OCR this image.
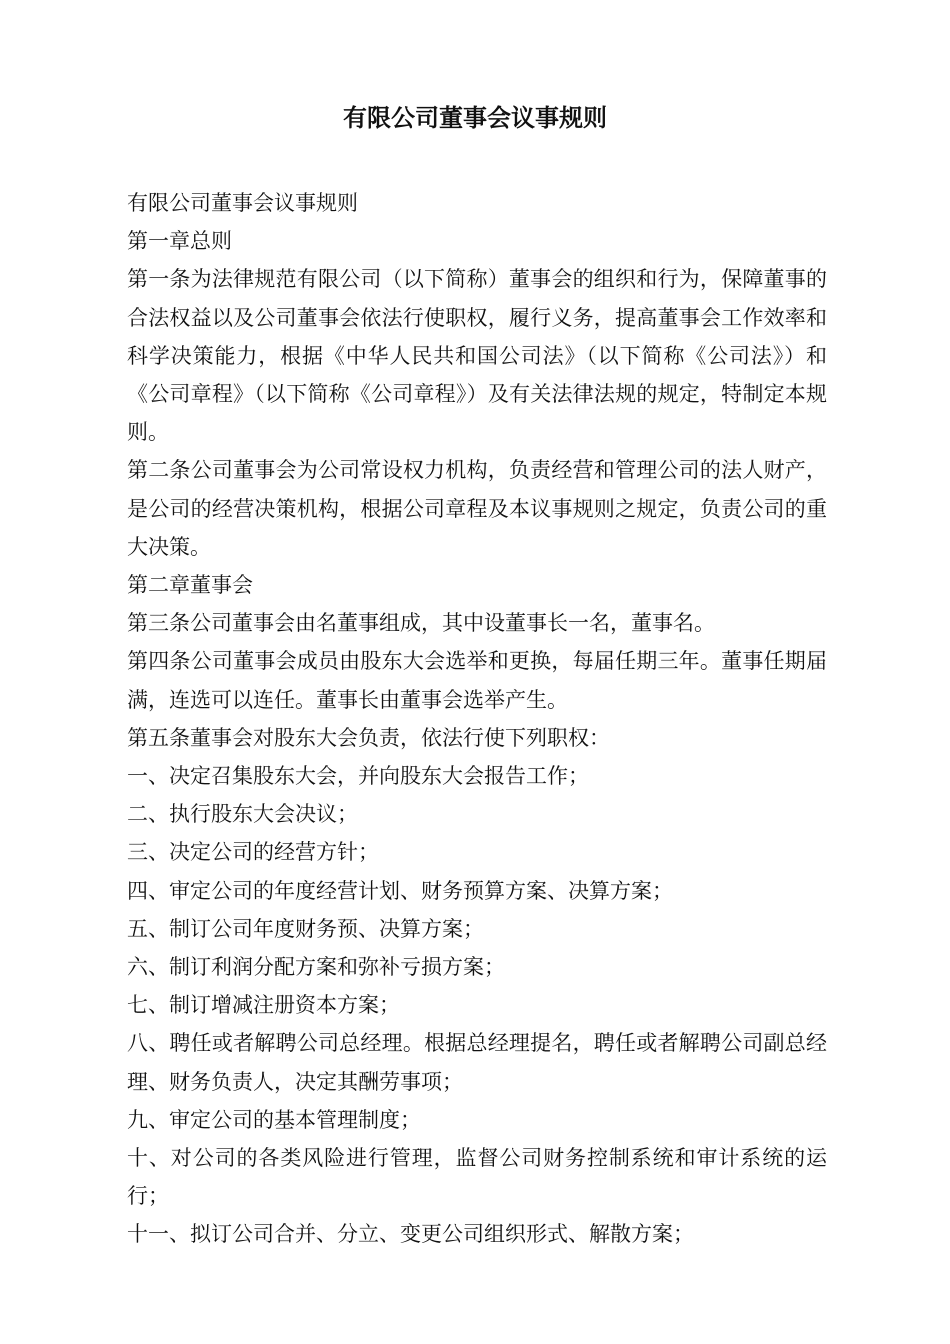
有限公司董事会议事规则

有限公司董事会议事规则

第一章总则

第一条为法律规范有限公司（以下简称）董事会的组织和行为，保障董事的合法权益以及公司董事会依法行使职权，履行义务，提高董事会工作效率和科学决策能力，根据《中华人民共和国公司法》（以下简称《公司法》）和《公司章程》（以下简称《公司章程》）及有关法律法规的规定，特制定本规则。

第二条公司董事会为公司常设权力机构，负责经营和管理公司的法人财产，是公司的经营决策机构，根据公司章程及本议事规则之规定，负责公司的重大决策。

第二章董事会

第三条公司董事会由名董事组成，其中设董事长一名，董事名。

第四条公司董事会成员由股东大会选举和更换，每届任期三年。董事任期届满，连选可以连任。董事长由董事会选举产生。

第五条董事会对股东大会负责，依法行使下列职权：

一、决定召集股东大会，并向股东大会报告工作；

二、执行股东大会决议；

三、决定公司的经营方针；

四、审定公司的年度经营计划、财务预算方案、决算方案；

五、制订公司年度财务预、决算方案；

六、制订利润分配方案和弥补亏损方案；

七、制订增减注册资本方案；

八、聘任或者解聘公司总经理。根据总经理提名，聘任或者解聘公司副总经理、财务负责人，决定其酬劳事项；

九、审定公司的基本管理制度；

十、对公司的各类风险进行管理，监督公司财务控制系统和审计系统的运行；

十一、拟订公司合并、分立、变更公司组织形式、解散方案；
